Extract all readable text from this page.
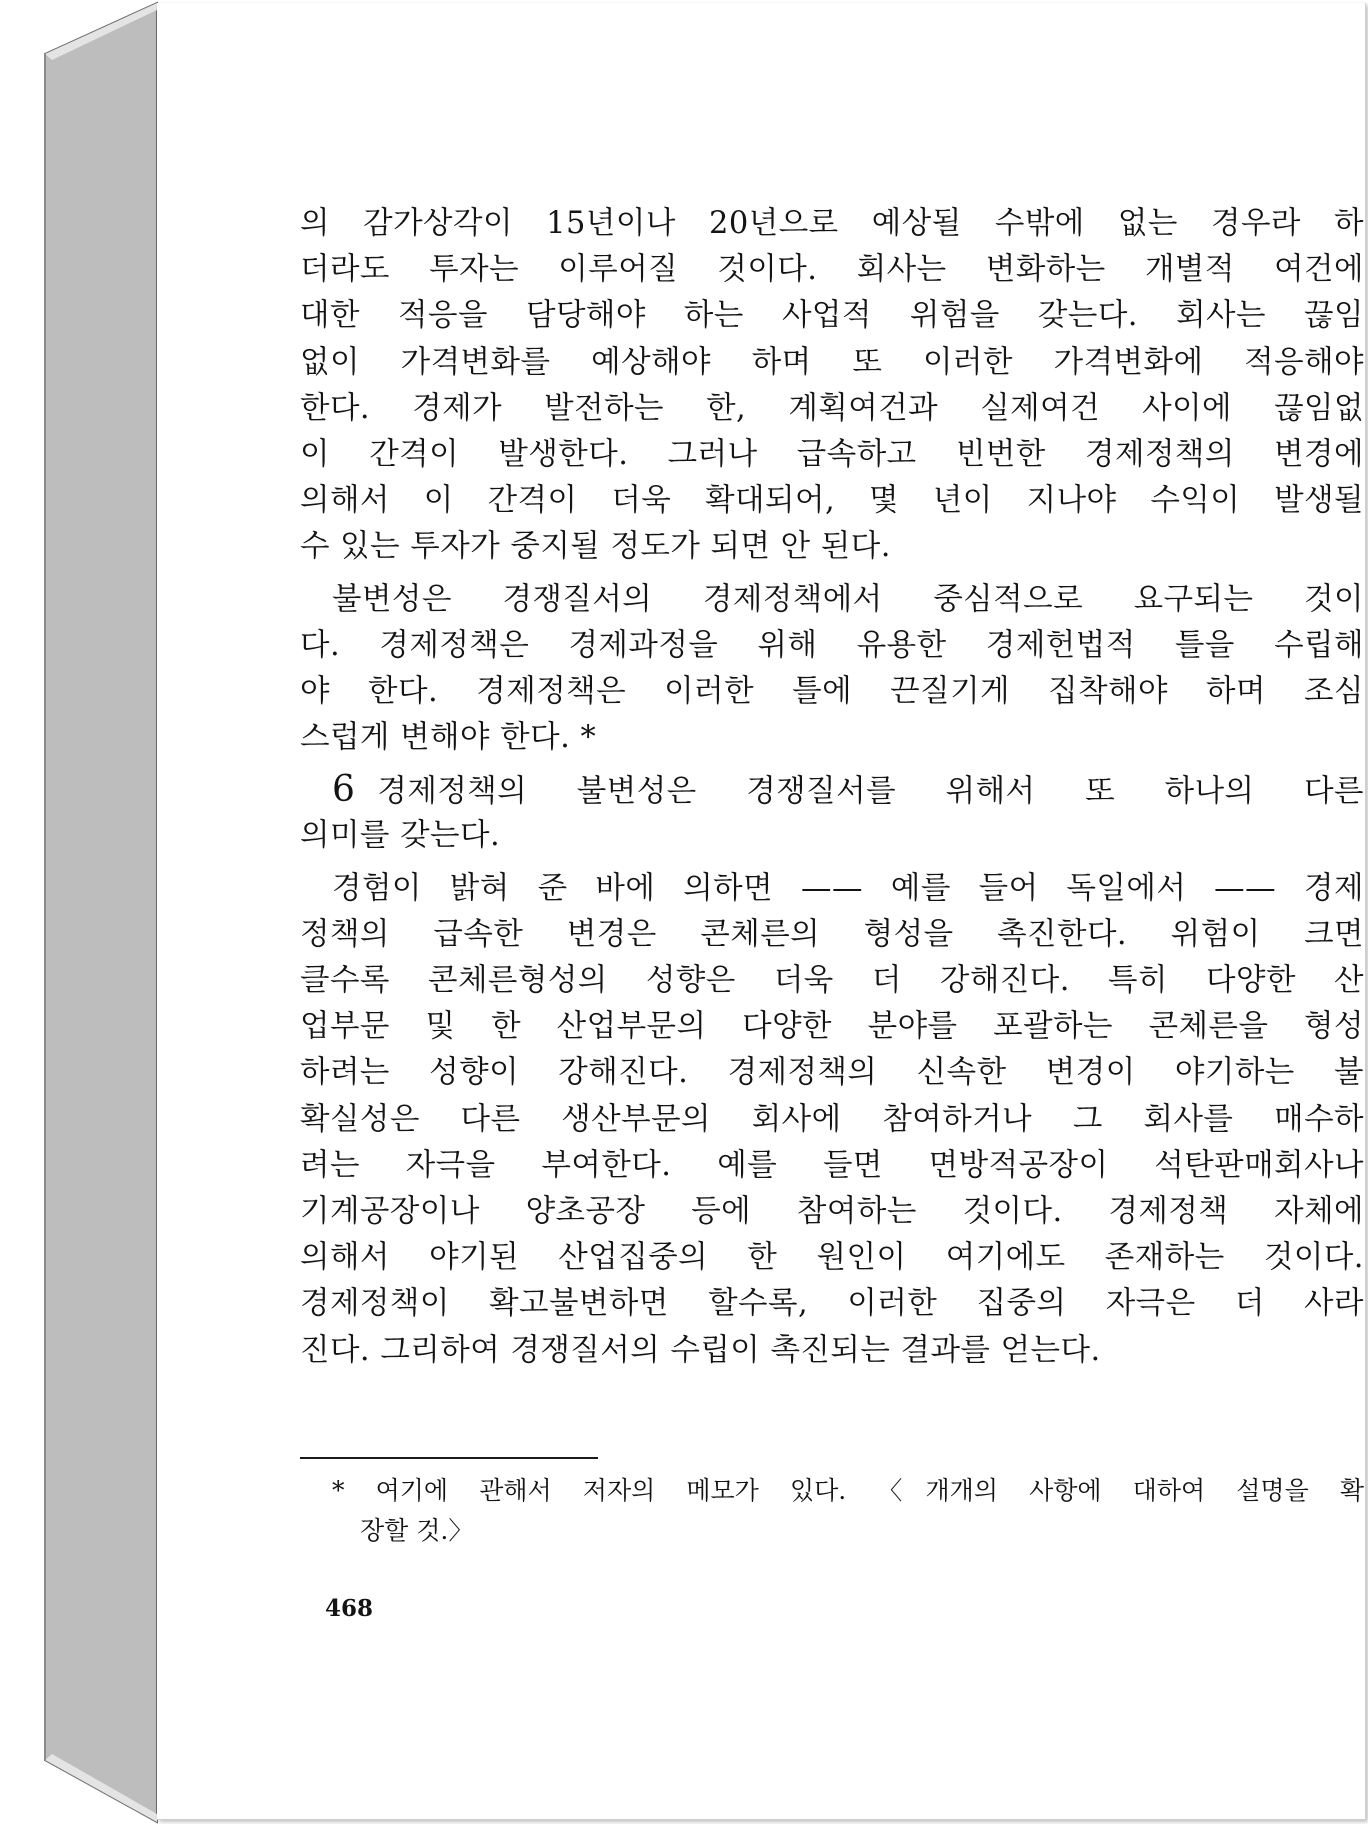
의 감가상각이 15년이나 20년으로 예상될 수밖에 없는 경우라 하
더라도 투자는 이루어질 것이다. 회사는 변화하는 개별적 여건에
대한 적응을 담당해야 하는 사업적 위험을 갖는다. 회사는 끊임
없이 가격변화를 예상해야 하며 또 이러한 가격변화에 적응해야
한다. 경제가 발전하는 한, 계획여건과 실제여건 사이에 끊임없
이 간격이 발생한다. 그러나 급속하고 빈번한 경제정책의 변경에
의해서 이 간격이 더욱 확대되어, 몇 년이 지나야 수익이 발생될
수 있는 투자가 중지될 정도가 되면 안 된다.
불변성은 경쟁질서의 경제정책에서 중심적으로 요구되는 것이
다. 경제정책은 경제과정을 위해 유용한 경제헌법적 틀을 수립해
야 한다. 경제정책은 이러한 틀에 끈질기게 집착해야 하며 조심
스럽게 변해야 한다. *
6 경제정책의 불변성은 경쟁질서를 위해서 또 하나의 다른
의미를 갖는다.
경험이 밝혀 준 바에 의하면 —— 예를 들어 독일에서 —— 경제
정책의 급속한 변경은 콘체른의 형성을 촉진한다. 위험이 크면
클수록 콘체른형성의 성향은 더욱 더 강해진다. 특히 다양한 산
업부문 및 한 산업부문의 다양한 분야를 포괄하는 콘체른을 형성
하려는 성향이 강해진다. 경제정책의 신속한 변경이 야기하는 불
확실성은 다른 생산부문의 회사에 참여하거나 그 회사를 매수하
려는 자극을 부여한다. 예를 들면 면방적공장이 석탄판매회사나
기계공장이나 양초공장 등에 참여하는 것이다. 경제정책 자체에
의해서 야기된 산업집중의 한 원인이 여기에도 존재하는 것이다.
경제정책이 확고불변하면 할수록, 이러한 집중의 자극은 더 사라
진다. 그리하여 경쟁질서의 수립이 촉진되는 결과를 얻는다.
* 여기에 관해서 저자의 메모가 있다. 〈개개의 사항에 대하여 설명을 확
장할 것.〉
468
